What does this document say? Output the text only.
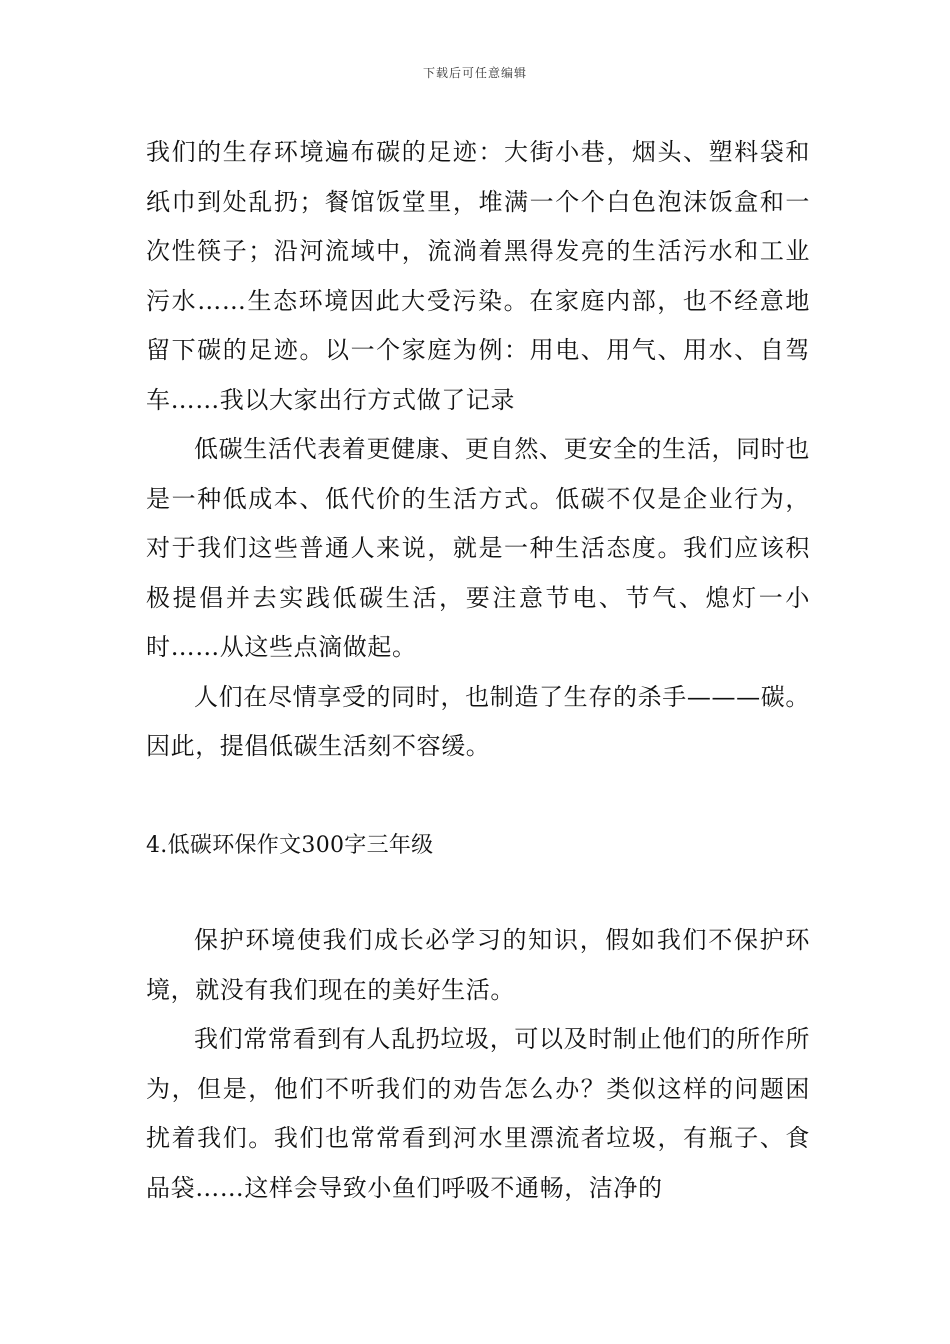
下载后可任意编辑

我们的生存环境遍布碳的足迹：大街小巷，烟头、塑料袋和纸巾到处乱扔；餐馆饭堂里，堆满一个个白色泡沫饭盒和一次性筷子；沿河流域中，流淌着黑得发亮的生活污水和工业污水……生态环境因此大受污染。在家庭内部，也不经意地留下碳的足迹。以一个家庭为例：用电、用气、用水、自驾车……我以大家出行方式做了记录

低碳生活代表着更健康、更自然、更安全的生活，同时也是一种低成本、低代价的生活方式。低碳不仅是企业行为，对于我们这些普通人来说，就是一种生活态度。我们应该积极提倡并去实践低碳生活，要注意节电、节气、熄灯一小时……从这些点滴做起。

人们在尽情享受的同时，也制造了生存的杀手———碳。因此，提倡低碳生活刻不容缓。

4.低碳环保作文300字三年级

保护环境使我们成长必学习的知识，假如我们不保护环境，就没有我们现在的美好生活。

我们常常看到有人乱扔垃圾，可以及时制止他们的所作所为，但是，他们不听我们的劝告怎么办？类似这样的问题困扰着我们。我们也常常看到河水里漂流者垃圾，有瓶子、食品袋……这样会导致小鱼们呼吸不通畅，洁净的
